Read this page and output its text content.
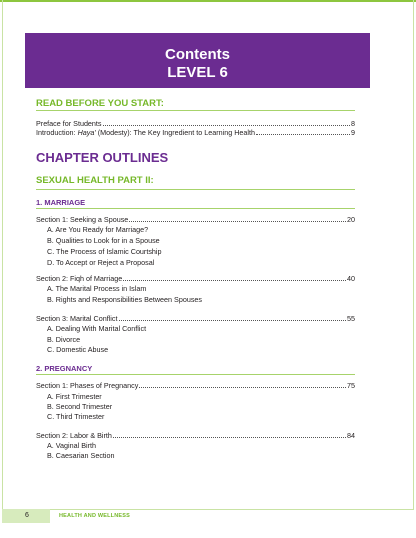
Contents
LEVEL 6
READ BEFORE YOU START:
Preface for Students	8
Introduction: Haya' (Modesty): The Key Ingredient to Learning Health	9
CHAPTER OUTLINES
SEXUAL HEALTH PART II:
1. MARRIAGE
Section 1: Seeking a Spouse	20
A. Are You Ready for Marriage?
B. Qualities to Look for in a Spouse
C. The Process of Islamic Courtship
D. To Accept or Reject a Proposal
Section 2: Fiqh of Marriage	40
A. The Marital Process in Islam
B. Rights and Responsibilities Between Spouses
Section 3: Marital Conflict	55
A. Dealing With Marital Conflict
B. Divorce
C. Domestic Abuse
2. PREGNANCY
Section 1: Phases of Pregnancy	75
A. First Trimester
B. Second Trimester
C. Third Trimester
Section 2: Labor & Birth	84
A. Vaginal Birth
B. Caesarian Section
6	HEALTH AND WELLNESS
